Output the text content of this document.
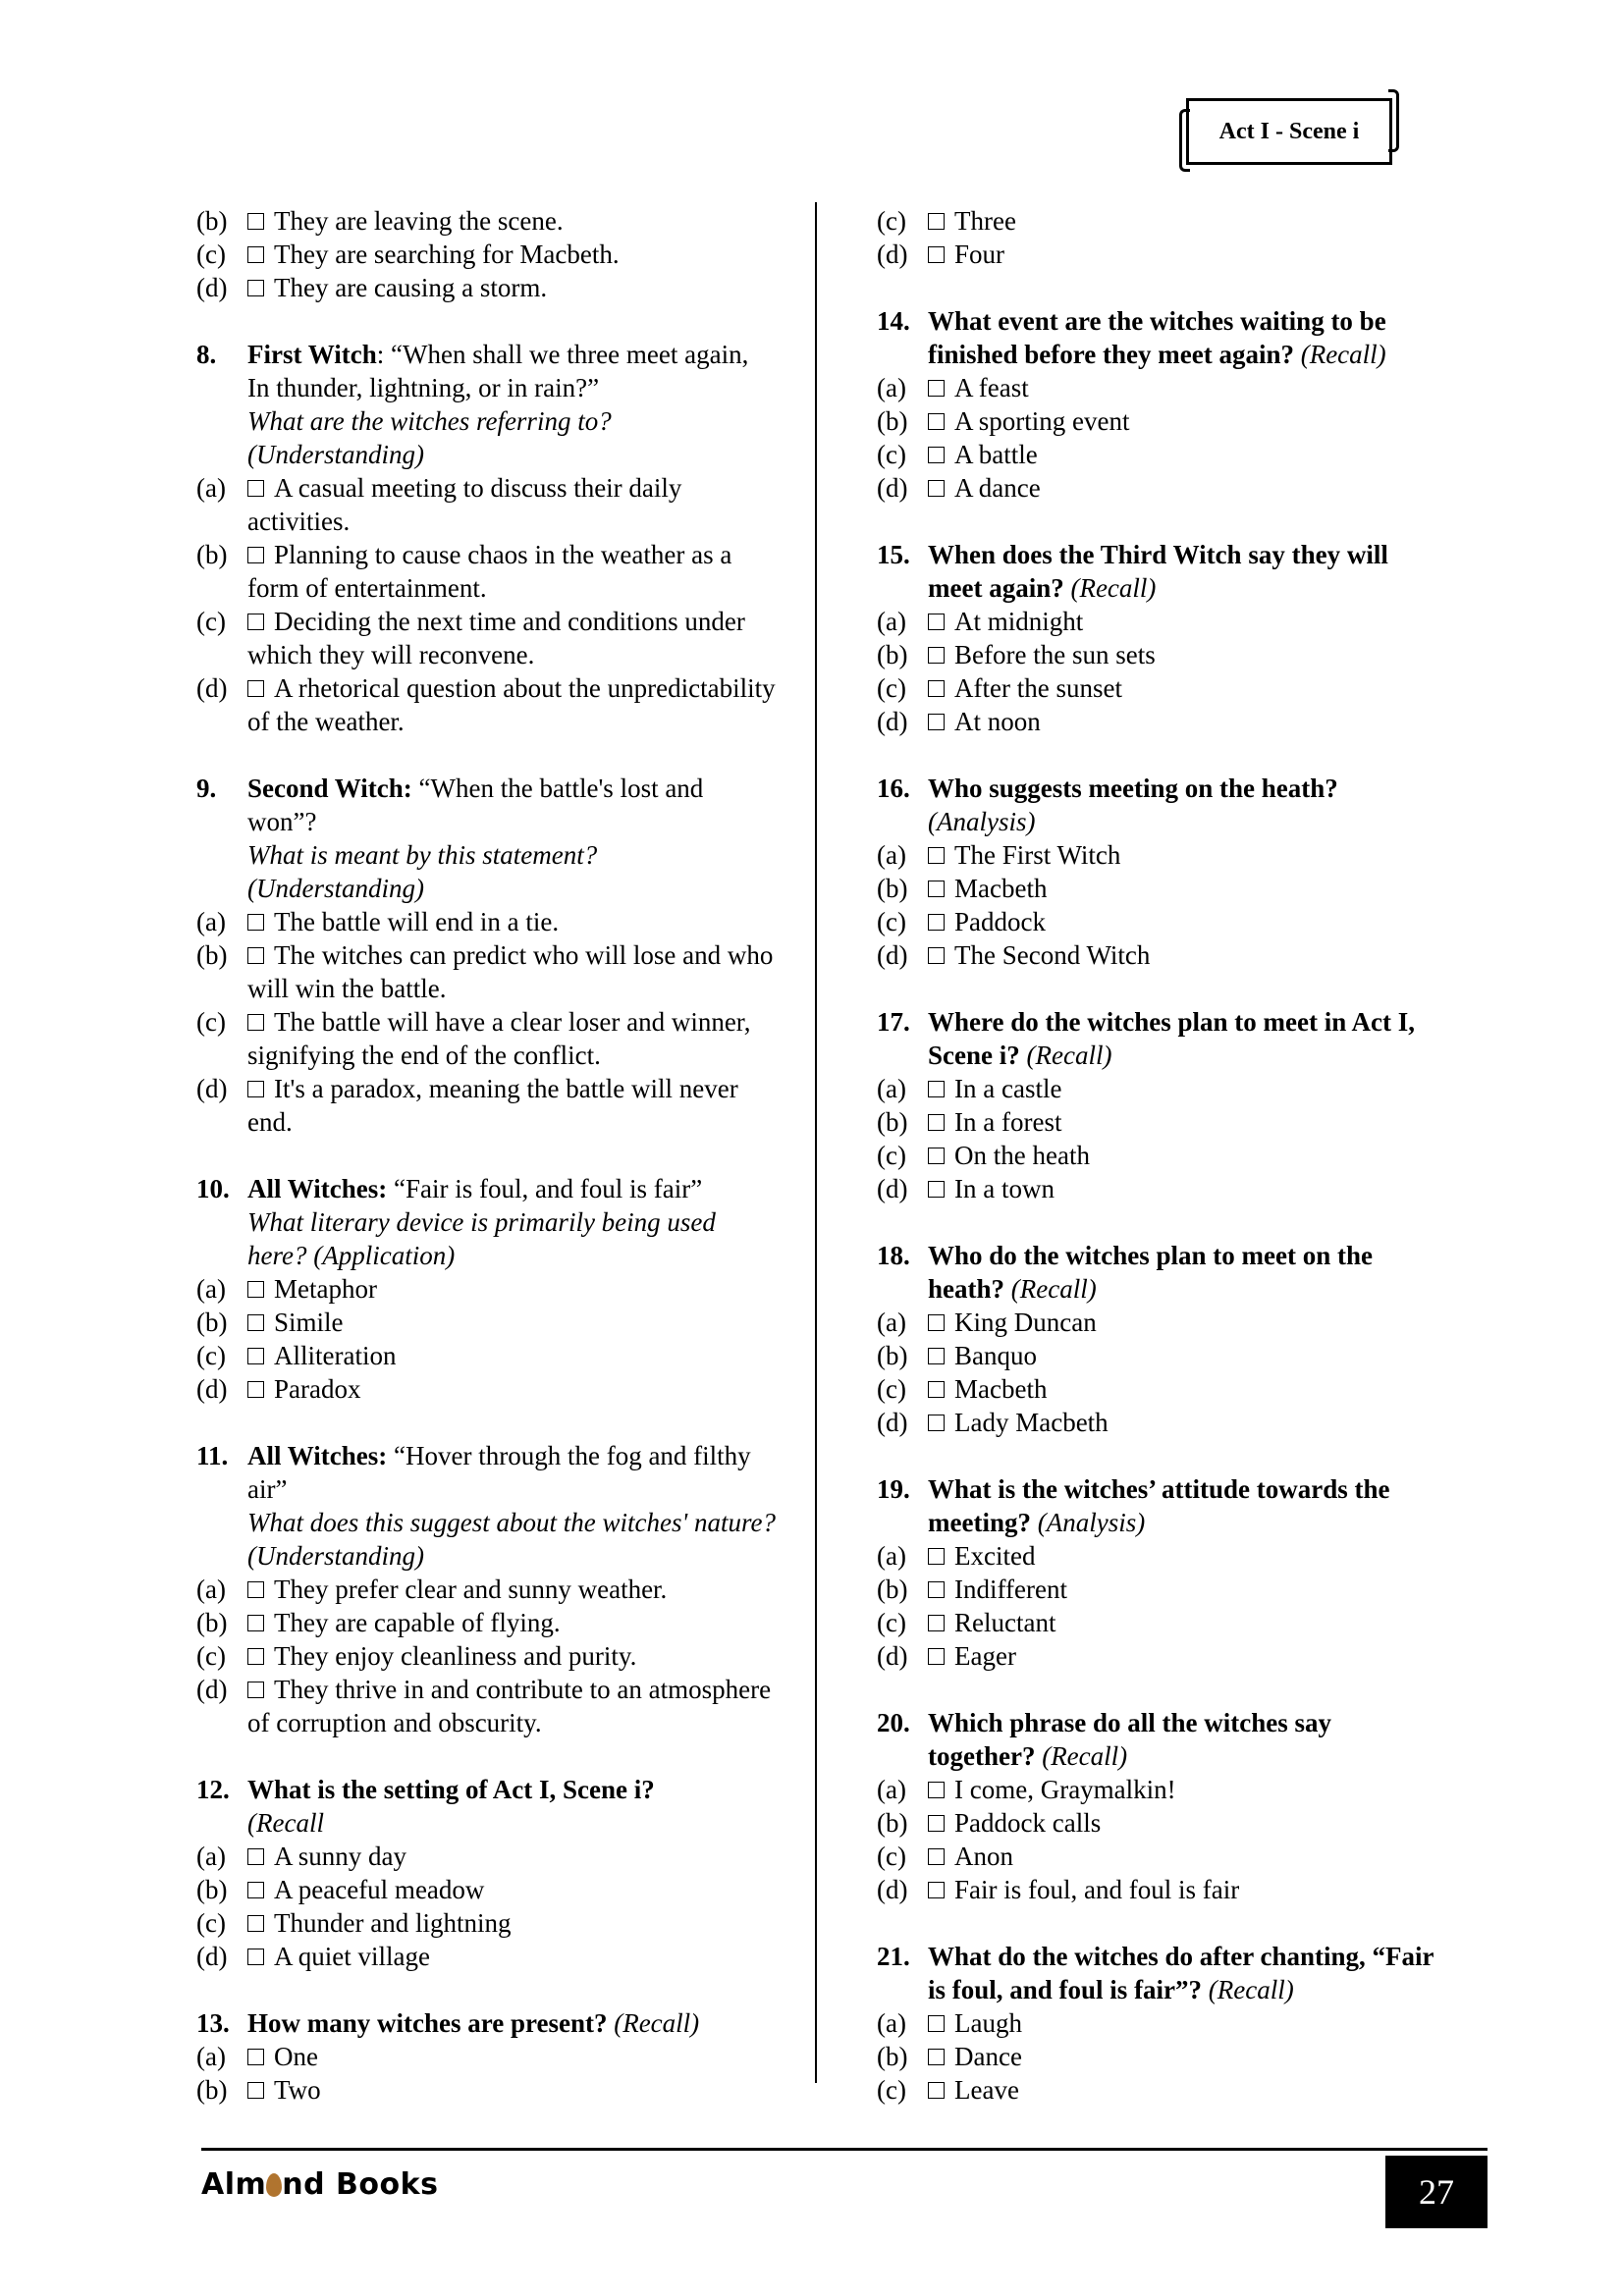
Act I - Scene i
(b) They are leaving the scene.
(c) They are searching for Macbeth.
(d) They are causing a storm.
8. First Witch: “When shall we three meet again, In thunder, lightning, or in rain?”
What are the witches referring to? (Understanding)
(a) A casual meeting to discuss their daily activities.
(b) Planning to cause chaos in the weather as a form of entertainment.
(c) Deciding the next time and conditions under which they will reconvene.
(d) A rhetorical question about the unpredictability of the weather.
9. Second Witch: “When the battle's lost and won”?
What is meant by this statement? (Understanding)
(a) The battle will end in a tie.
(b) The witches can predict who will lose and who will win the battle.
(c) The battle will have a clear loser and winner, signifying the end of the conflict.
(d) It's a paradox, meaning the battle will never end.
10. All Witches: “Fair is foul, and foul is fair”
What literary device is primarily being used here? (Application)
(a) Metaphor
(b) Simile
(c) Alliteration
(d) Paradox
11. All Witches: “Hover through the fog and filthy air”
What does this suggest about the witches' nature? (Understanding)
(a) They prefer clear and sunny weather.
(b) They are capable of flying.
(c) They enjoy cleanliness and purity.
(d) They thrive in and contribute to an atmosphere of corruption and obscurity.
12. What is the setting of Act I, Scene i?
(Recall
(a) A sunny day
(b) A peaceful meadow
(c) Thunder and lightning
(d) A quiet village
13. How many witches are present? (Recall)
(a) One
(b) Two
(c) Three
(d) Four
14. What event are the witches waiting to be finished before they meet again? (Recall)
(a) A feast
(b) A sporting event
(c) A battle
(d) A dance
15. When does the Third Witch say they will meet again? (Recall)
(a) At midnight
(b) Before the sun sets
(c) After the sunset
(d) At noon
16. Who suggests meeting on the heath?
(Analysis)
(a) The First Witch
(b) Macbeth
(c) Paddock
(d) The Second Witch
17. Where do the witches plan to meet in Act I, Scene i? (Recall)
(a) In a castle
(b) In a forest
(c) On the heath
(d) In a town
18. Who do the witches plan to meet on the heath? (Recall)
(a) King Duncan
(b) Banquo
(c) Macbeth
(d) Lady Macbeth
19. What is the witches’ attitude towards the meeting? (Analysis)
(a) Excited
(b) Indifferent
(c) Reluctant
(d) Eager
20. Which phrase do all the witches say together? (Recall)
(a) I come, Graymalkin!
(b) Paddock calls
(c) Anon
(d) Fair is foul, and foul is fair
21. What do the witches do after chanting, “Fair is foul, and foul is fair”? (Recall)
(a) Laugh
(b) Dance
(c) Leave
Alm nd Books	27
